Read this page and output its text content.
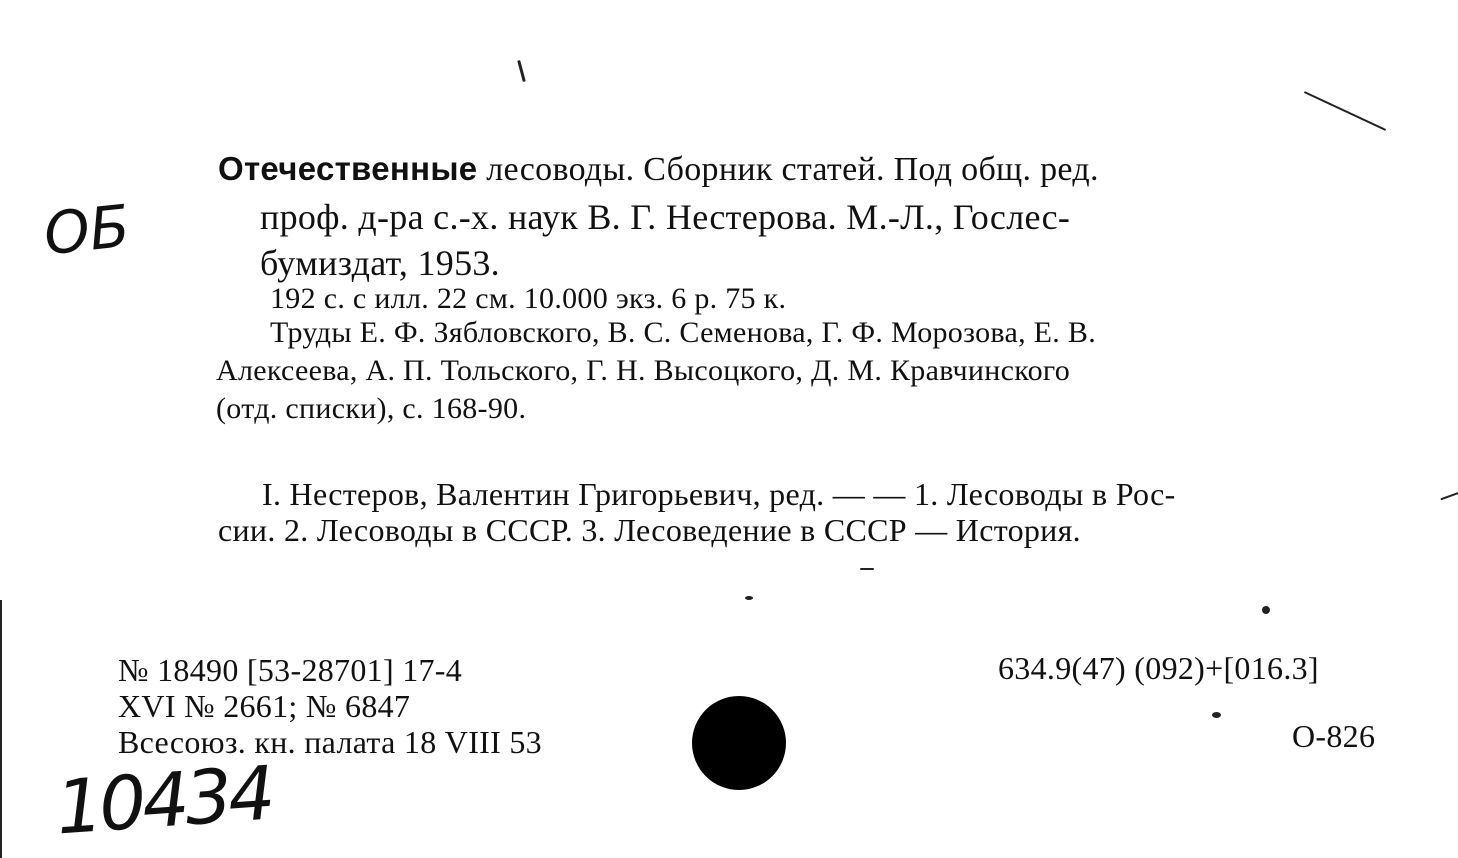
ОБ
Отечественные лесоводы. Сборник статей. Под общ. ред.
проф. д-ра с.-х. наук В. Г. Нестерова. М.-Л., Гослес-
бумиздат, 1953.
192 с. с илл. 22 см. 10.000 экз. 6 р. 75 к.
Труды Е. Ф. Зябловского, В. С. Семенова, Г. Ф. Морозова, Е. В.
Алексеева, А. П. Тольского, Г. Н. Высоцкого, Д. М. Кравчинского
(отд. списки), с. 168-90.
I. Нестеров, Валентин Григорьевич, ред. — — 1. Лесоводы в Рос-
сии. 2. Лесоводы в СССР. 3. Лесоведение в СССР — История.
№ 18490 [53-28701] 17-4
XVI № 2661; № 6847
Всесоюз. кн. палата 18 VIII 53
634.9(47) (092)+[016.3]
О-826
10434
